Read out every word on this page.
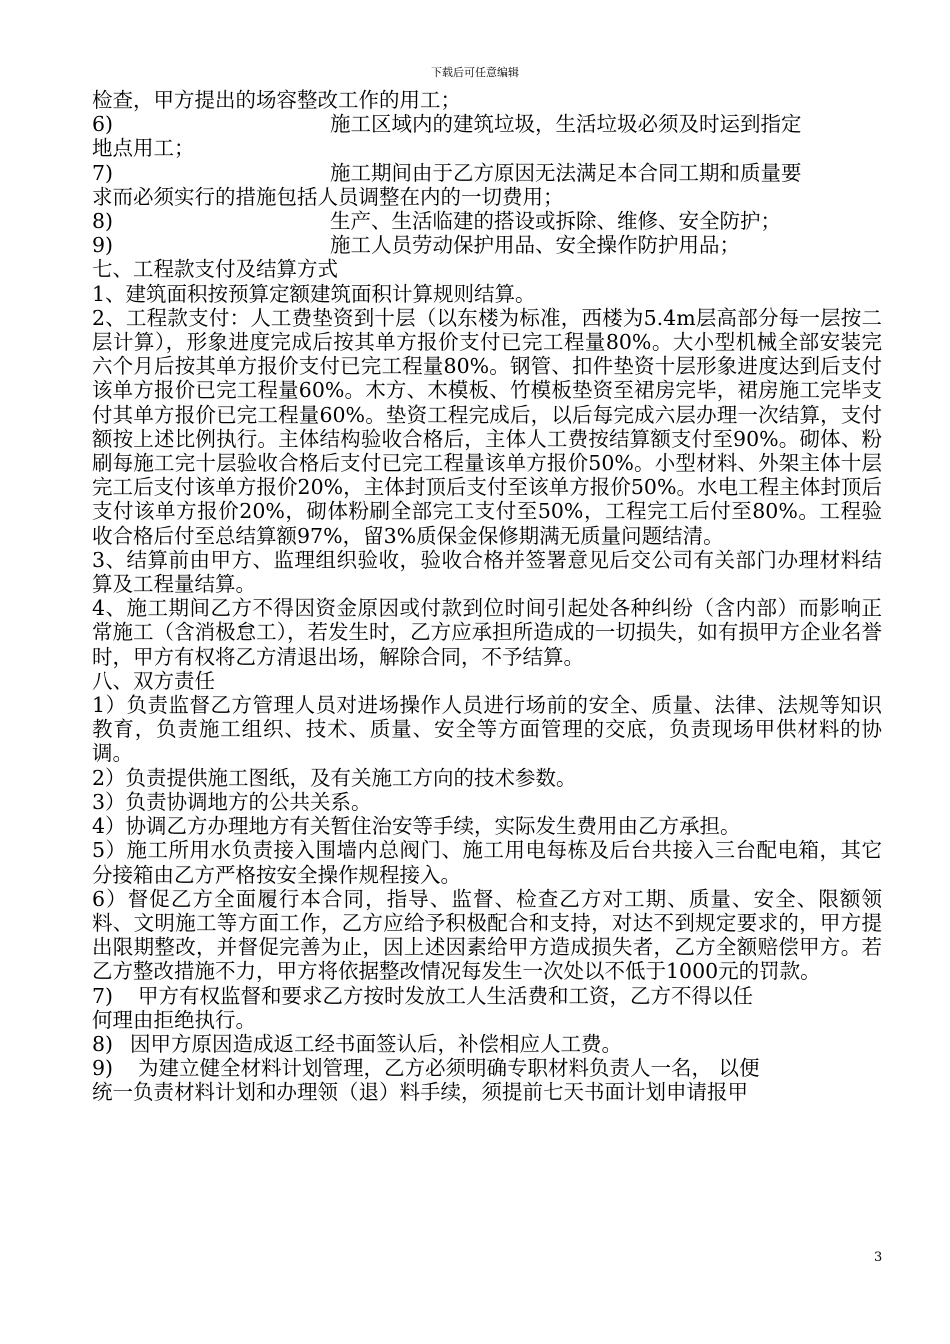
下载后可任意编辑

检查，甲方提出的场容整改工作的用工；

6)	施工区域内的建筑垃圾，生活垃圾必须及时运到指定

地点用工；

7)	施工期间由于乙方原因无法满足本合同工期和质量要

求而必须实行的措施包括人员调整在内的一切费用；

8)	生产、生活临建的搭设或拆除、维修、安全防护；
9)	施工人员劳动保护用品、安全操作防护用品；

七、工程款支付及结算方式

1、建筑面积按预算定额建筑面积计算规则结算。

2、工程款支付：人工费垫资到十层（以东楼为标准，西楼为5.4m层高部分每一层按二层计算），形象进度完成后按其单方报价支付已完工程量80%。大小型机械全部安装完六个月后按其单方报价支付已完工程量80%。钢管、扣件垫资十层形象进度达到后支付该单方报价已完工程量60%。木方、木模板、竹模板垫资至裙房完毕，裙房施工完毕支付其单方报价已完工程量60%。垫资工程完成后，以后每完成六层办理一次结算，支付额按上述比例执行。主体结构验收合格后，主体人工费按结算额支付至90%。砌体、粉刷每施工完十层验收合格后支付已完工程量该单方报价50%。小型材料、外架主体十层完工后支付该单方报价20%，主体封顶后支付至该单方报价50%。水电工程主体封顶后支付该单方报价20%，砌体粉刷全部完工支付至50%，工程完工后付至80%。工程验收合格后付至总结算额97%，留3%质保金保修期满无质量问题结清。

3、结算前由甲方、监理组织验收，验收合格并签署意见后交公司有关部门办理材料结算及工程量结算。

4、施工期间乙方不得因资金原因或付款到位时间引起处各种纠纷（含内部）而影响正常施工（含消极怠工），若发生时，乙方应承担所造成的一切损失，如有损甲方企业名誉时，甲方有权将乙方清退出场，解除合同，不予结算。

八、双方责任

1）负责监督乙方管理人员对进场操作人员进行场前的安全、质量、法律、法规等知识教育，负责施工组织、技术、质量、安全等方面管理的交底，负责现场甲供材料的协调。

2）负责提供施工图纸，及有关施工方向的技术参数。

3）负责协调地方的公共关系。

4）协调乙方办理地方有关暂住治安等手续，实际发生费用由乙方承担。

5）施工所用水负责接入围墙内总阀门、施工用电每栋及后台共接入三台配电箱，其它分接箱由乙方严格按安全操作规程接入。

6）督促乙方全面履行本合同，指导、监督、检查乙方对工期、质量、安全、限额领料、文明施工等方面工作，乙方应给予积极配合和支持，对达不到规定要求的，甲方提出限期整改，并督促完善为止，因上述因素给甲方造成损失者，乙方全额赔偿甲方。若乙方整改措施不力，甲方将依据整改情况每发生一次处以不低于1000元的罚款。

7)	甲方有权监督和要求乙方按时发放工人生活费和工资，乙方不得以任

何理由拒绝执行。

8) 因甲方原因造成返工经书面签认后，补偿相应人工费。
9)	为建立健全材料计划管理，乙方必须明确专职材料负责人一名， 以便

统一负责材料计划和办理领（退）料手续，须提前七天书面计划申请报甲

3
